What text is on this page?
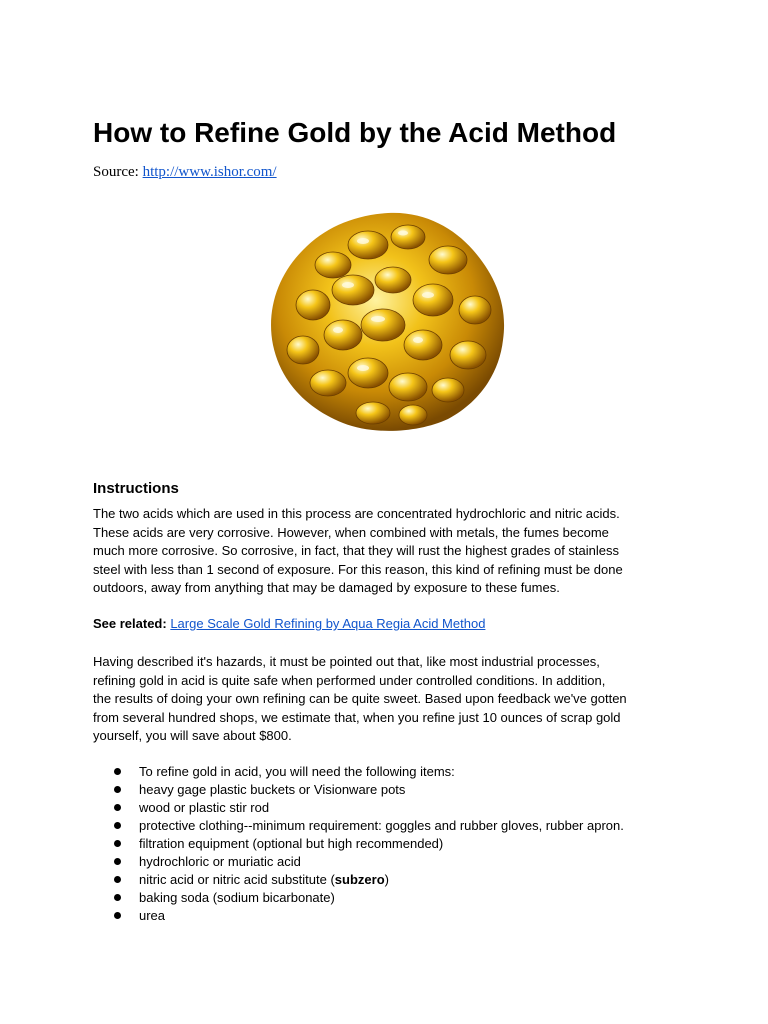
How to Refine Gold by the Acid Method

Source: http://www.ishor.com/

Instructions

The two acids which are used in this process are concentrated hydrochloric and nitric acids.
These acids are very corrosive. However, when combined with metals, the fumes become
much more corrosive. So corrosive, in fact, that they will rust the highest grades of stainless
steel with less than 1 second of exposure. For this reason, this kind of refining must be done
outdoors, away from anything that may be damaged by exposure to these fumes.

See related: Large Scale Gold Refining by Aqua Regia Acid Method

Having described it's hazards, it must be pointed out that, like most industrial processes,
refining gold in acid is quite safe when performed under controlled conditions. In addition,
the results of doing your own refining can be quite sweet. Based upon feedback we've gotten
from several hundred shops, we estimate that, when you refine just 10 ounces of scrap gold
yourself, you will save about $800.

To refine gold in acid, you will need the following items:
heavy gage plastic buckets or Visionware pots
wood or plastic stir rod
protective clothing--minimum requirement: goggles and rubber gloves, rubber apron.
filtration equipment (optional but high recommended)
hydrochloric or muriatic acid
nitric acid or nitric acid substitute (subzero)
baking soda (sodium bicarbonate)
urea
